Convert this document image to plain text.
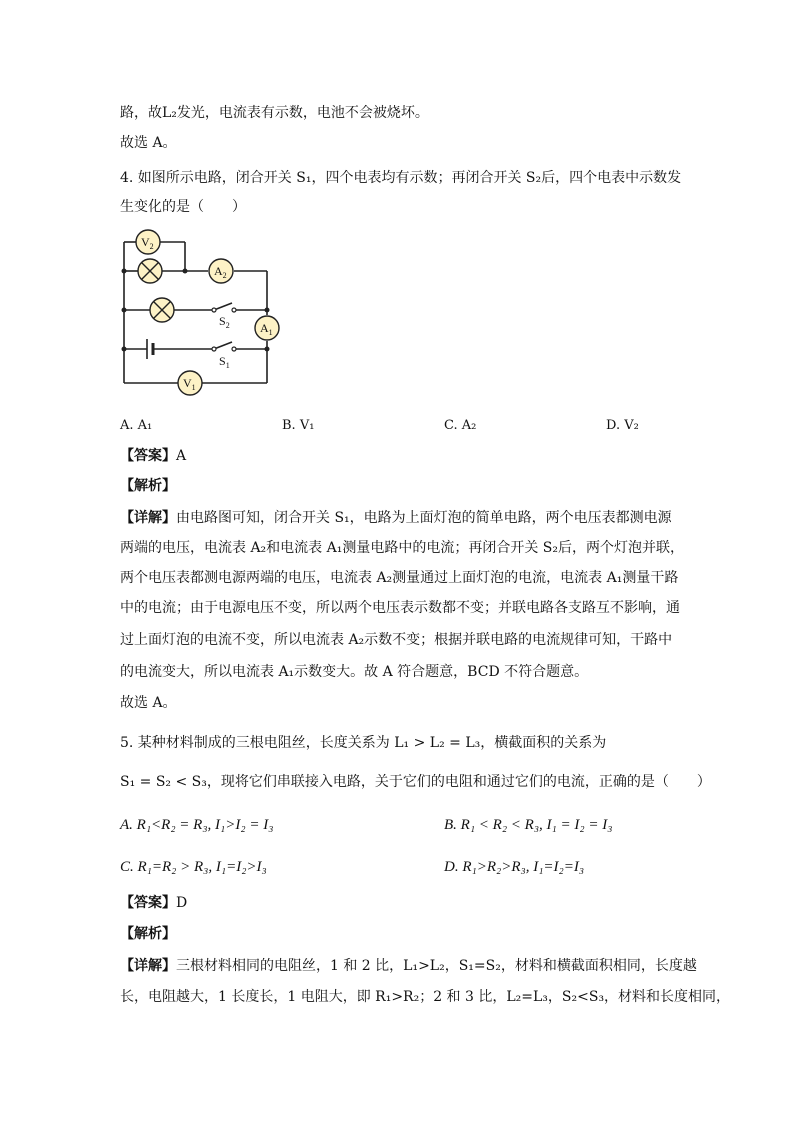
路，故L₂发光，电流表有示数，电池不会被烧坏。
故选 A。
4. 如图所示电路，闭合开关 S₁，四个电表均有示数；再闭合开关 S₂后，四个电表中示数发
生变化的是（　　）
$V_2$
$A_2$
$A_1$
$V_1$
$S_2$
$S_1$
A. A₁	B. V₁	C. A₂	D. V₂
【答案】A
【解析】
【详解】由电路图可知，闭合开关 S₁，电路为上面灯泡的简单电路，两个电压表都测电源
两端的电压，电流表 A₂和电流表 A₁测量电路中的电流；再闭合开关 S₂后，两个灯泡并联，
两个电压表都测电源两端的电压，电流表 A₂测量通过上面灯泡的电流，电流表 A₁测量干路
中的电流；由于电源电压不变，所以两个电压表示数都不变；并联电路各支路互不影响，通
过上面灯泡的电流不变，所以电流表 A₂示数不变；根据并联电路的电流规律可知，干路中
的电流变大，所以电流表 A₁示数变大。故 A 符合题意，BCD 不符合题意。
故选 A。
5. 某种材料制成的三根电阻丝，长度关系为 L₁ > L₂ = L₃，横截面积的关系为
S₁ = S₂ < S₃，现将它们串联接入电路，关于它们的电阻和通过它们的电流，正确的是（　　）
A. R₁<R₂ = R₃, I₁>I₂ = I₃	B. R₁ < R₂ < R₃, I₁ = I₂ = I₃
C. R₁=R₂ > R₃, I₁=I₂>I₃	D. R₁>R₂>R₃, I₁=I₂=I₃
【答案】D
【解析】
【详解】三根材料相同的电阻丝，1 和 2 比，L₁>L₂，S₁=S₂，材料和横截面积相同，长度越
长，电阻越大，1 长度长，1 电阻大，即 R₁>R₂；2 和 3 比，L₂=L₃，S₂<S₃，材料和长度相同，
